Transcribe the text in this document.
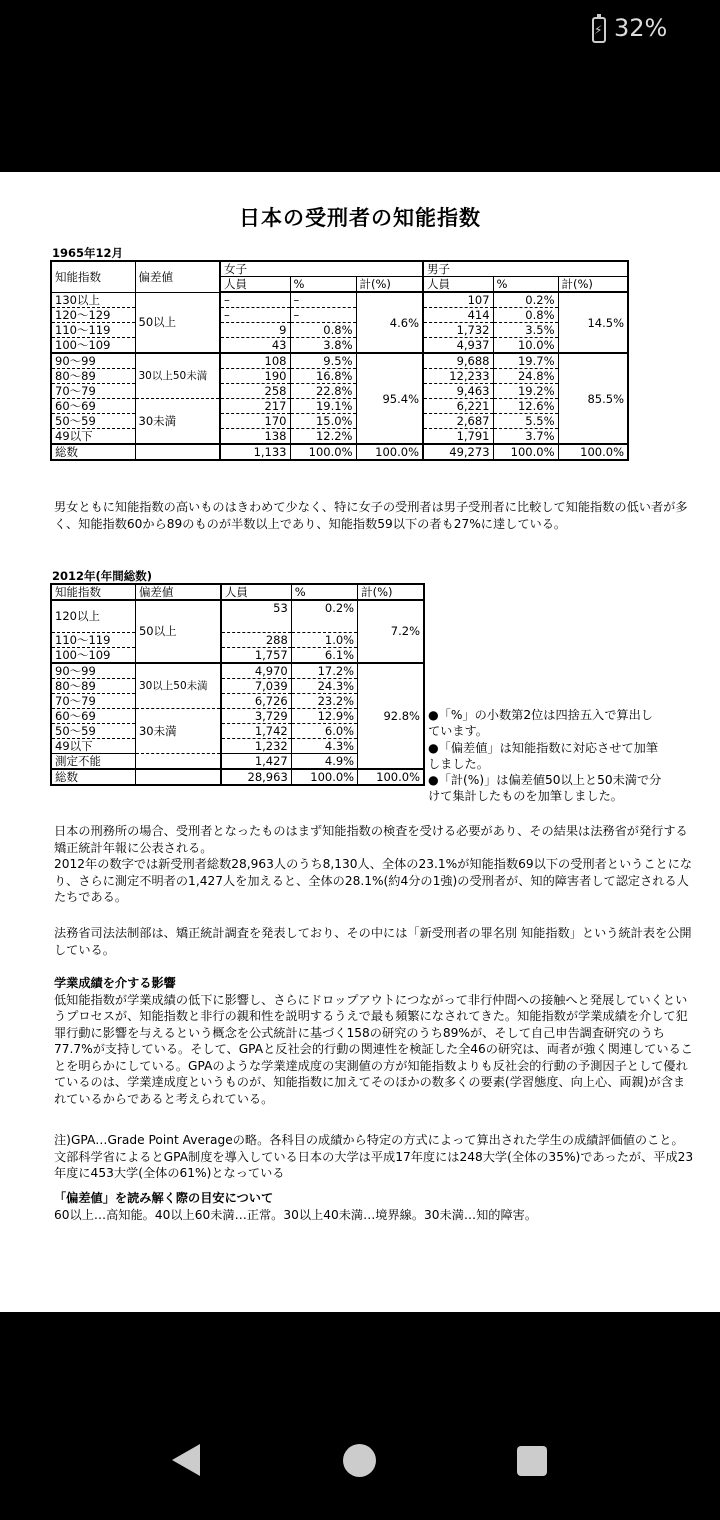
⚡
32%
日本の受刑者の知能指数
1965年12月
知能指数	偏差値	女子			男子		
		人員	%	計(%)	人員	%	計(%)
130以上	50以上	–	–	4.6%	107	0.2%	14.5%
120～129		–	–		414	0.8%	
110～119		9	0.8%		1,732	3.5%	
100～109		43	3.8%		4,937	10.0%	
90～99	30以上50未満	108	9.5%	95.4%	9,688	19.7%	85.5%
80～89		190	16.8%		12,233	24.8%	
70～79		258	22.8%		9,463	19.2%	
60～69	30未満	217	19.1%		6,221	12.6%	
50～59		170	15.0%		2,687	5.5%	
49以下		138	12.2%		1,791	3.7%	
総数		1,133	100.0%	100.0%	49,273	100.0%	100.0%
男女ともに知能指数の高いものはきわめて少なく、特に女子の受刑者は男子受刑者に比較して知能指数の低い者が多く、知能指数60から89のものが半数以上であり、知能指数59以下の者も27%に達している。
2012年(年間総数)
知能指数	偏差値	人員	%	計(%)
120以上	50以上	53	0.2%	7.2%
110～119		288	1.0%	
100～109		1,757	6.1%	
90～99	30以上50未満	4,970	17.2%	92.8%
80～89		7,039	24.3%	
70～79		6,726	23.2%	
60～69	30未満	3,729	12.9%	
50～59		1,742	6.0%	
49以下		1,232	4.3%	
測定不能		1,427	4.9%	
総数		28,963	100.0%	100.0%
●「%」の小数第2位は四捨五入で算出し
ています。
●「偏差値」は知能指数に対応させて加筆
しました。
●「計(%)」は偏差値50以上と50未満で分
けて集計したものを加筆しました。

日本の刑務所の場合、受刑者となったものはまず知能指数の検査を受ける必要があり、その結果は法務省が発行する矯正統計年報に公表される。

2012年の数字では新受刑者総数28,963人のうち8,130人、全体の23.1%が知能指数69以下の受刑者ということになり、さらに測定不明者の1,427人を加えると、全体の28.1%(約4分の1強)の受刑者が、知的障害者して認定される人たちである。

法務省司法法制部は、矯正統計調査を発表しており、その中には「新受刑者の罪名別 知能指数」という統計表を公開している。

学業成績を介する影響

低知能指数が学業成績の低下に影響し、さらにドロップアウトにつながって非行仲間への接触へと発展していくというプロセスが、知能指数と非行の親和性を説明するうえで最も頻繁になされてきた。知能指数が学業成績を介して犯罪行動に影響を与えるという概念を公式統計に基づく158の研究のうち89%が、そして自己申告調査研究のうち77.7%が支持している。そして、GPAと反社会的行動の関連性を検証した全46の研究は、両者が強く関連していることを明らかにしている。GPAのような学業達成度の実測値の方が知能指数よりも反社会的行動の予測因子として優れているのは、学業達成度というものが、知能指数に加えてそのほかの数多くの要素(学習態度、向上心、両親)が含まれているからであると考えられている。

注)GPA…Grade Point Averageの略。各科目の成績から特定の方式によって算出された学生の成績評価値のこと。文部科学省によるとGPA制度を導入している日本の大学は平成17年度には248大学(全体の35%)であったが、平成23年度に453大学(全体の61%)となっている

「偏差値」を読み解く際の目安について

60以上…高知能。40以上60未満…正常。30以上40未満…境界線。30未満…知的障害。
